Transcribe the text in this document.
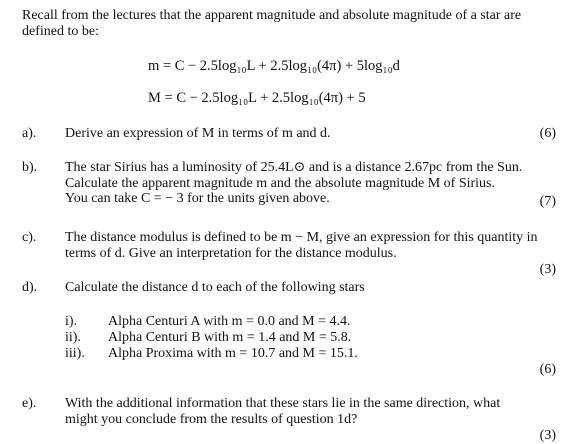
Recall from the lectures that the apparent magnitude and absolute magnitude of a star are
defined to be:
m = C − 2.5log₁₀L + 2.5log₁₀(4π) + 5log₁₀d
M = C − 2.5log₁₀L + 2.5log₁₀(4π) + 5
a). Derive an expression of M in terms of m and d.	(6)
b). The star Sirius has a luminosity of 25.4L⊙ and is a distance 2.67pc from the Sun.
Calculate the apparent magnitude m and the absolute magnitude M of Sirius.
You can take C = − 3 for the units given above.	(7)
c). The distance modulus is defined to be m − M, give an expression for this quantity in
terms of d. Give an interpretation for the distance modulus.
(3)
d). Calculate the distance d to each of the following stars
i). Alpha Centuri A with m = 0.0 and M = 4.4.
ii). Alpha Centuri B with m = 1.4 and M = 5.8.
iii). Alpha Proxima with m = 10.7 and M = 15.1.
(6)
e). With the additional information that these stars lie in the same direction, what
might you conclude from the results of question 1d?
(3)
